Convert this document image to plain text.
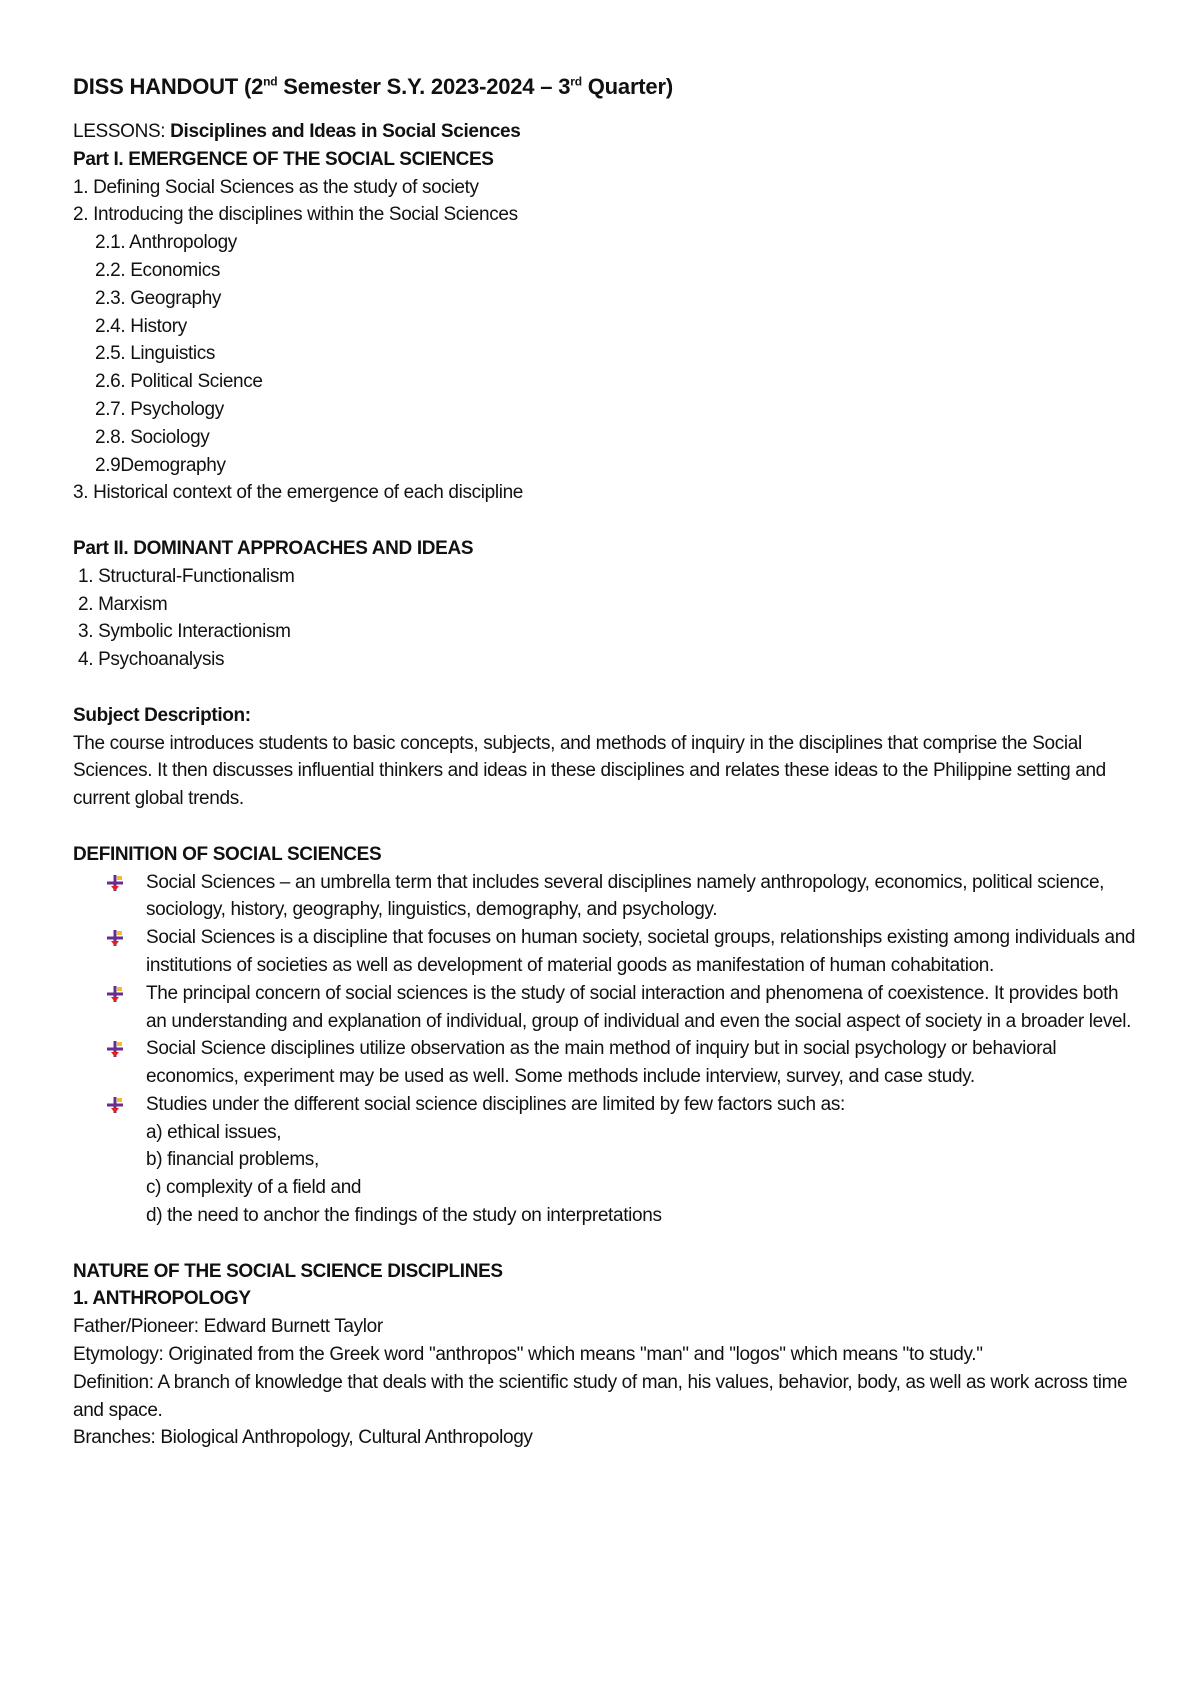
DISS HANDOUT (2nd Semester S.Y. 2023-2024 – 3rd Quarter)
LESSONS: Disciplines and Ideas in Social Sciences
Part I. EMERGENCE OF THE SOCIAL SCIENCES
1. Defining Social Sciences as the study of society
2. Introducing the disciplines within the Social Sciences
2.1. Anthropology
2.2. Economics
2.3. Geography
2.4. History
2.5. Linguistics
2.6. Political Science
2.7. Psychology
2.8. Sociology
2.9Demography
3. Historical context of the emergence of each discipline
Part II. DOMINANT APPROACHES AND IDEAS
1. Structural-Functionalism
2. Marxism
3. Symbolic Interactionism
4. Psychoanalysis
Subject Description:
The course introduces students to basic concepts, subjects, and methods of inquiry in the disciplines that comprise the Social Sciences. It then discusses influential thinkers and ideas in these disciplines and relates these ideas to the Philippine setting and current global trends.
DEFINITION OF SOCIAL SCIENCES
Social Sciences – an umbrella term that includes several disciplines namely anthropology, economics, political science, sociology, history, geography, linguistics, demography, and psychology.
Social Sciences is a discipline that focuses on human society, societal groups, relationships existing among individuals and institutions of societies as well as development of material goods as manifestation of human cohabitation.
The principal concern of social sciences is the study of social interaction and phenomena of coexistence. It provides both an understanding and explanation of individual, group of individual and even the social aspect of society in a broader level.
Social Science disciplines utilize observation as the main method of inquiry but in social psychology or behavioral economics, experiment may be used as well. Some methods include interview, survey, and case study.
Studies under the different social science disciplines are limited by few factors such as:
a) ethical issues,
b) financial problems,
c) complexity of a field and
d) the need to anchor the findings of the study on interpretations
NATURE OF THE SOCIAL SCIENCE DISCIPLINES
1. ANTHROPOLOGY
Father/Pioneer: Edward Burnett Taylor
Etymology: Originated from the Greek word "anthropos" which means "man" and "logos" which means "to study."
Definition: A branch of knowledge that deals with the scientific study of man, his values, behavior, body, as well as work across time and space.
Branches: Biological Anthropology, Cultural Anthropology
